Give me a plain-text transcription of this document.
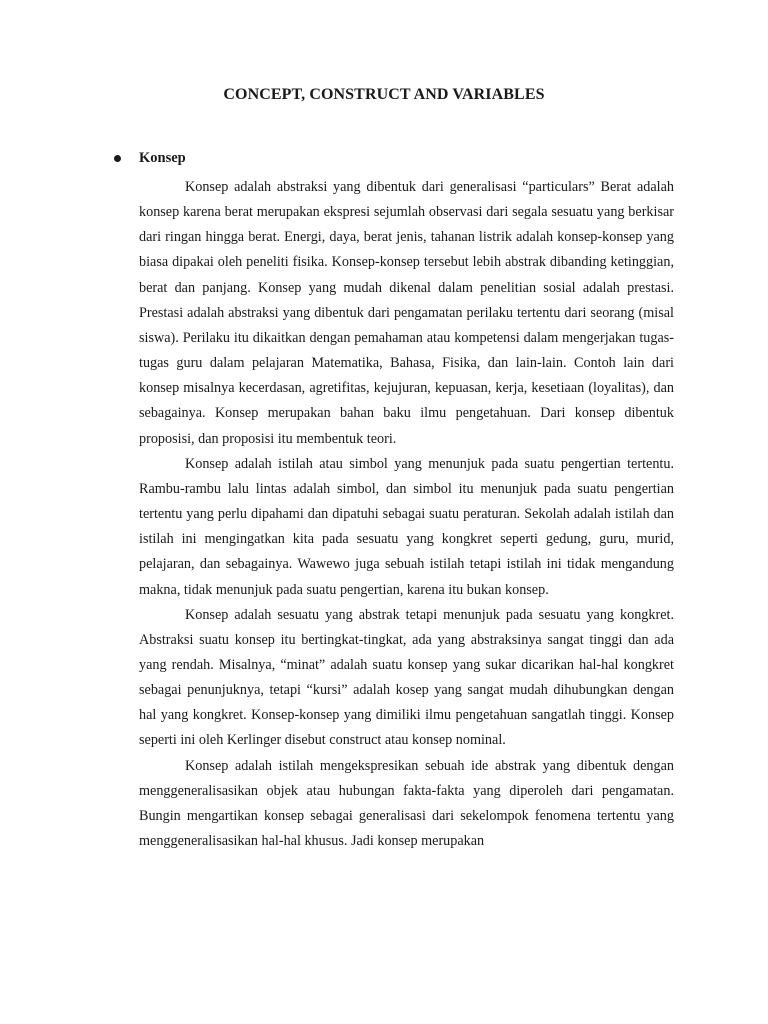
CONCEPT, CONSTRUCT AND VARIABLES
Konsep

Konsep adalah abstraksi yang dibentuk dari generalisasi “particulars” Berat adalah konsep karena berat merupakan ekspresi sejumlah observasi dari segala sesuatu yang berkisar dari ringan hingga berat. Energi, daya, berat jenis, tahanan listrik adalah konsep-konsep yang biasa dipakai oleh peneliti fisika. Konsep-konsep tersebut lebih abstrak dibanding ketinggian, berat dan panjang. Konsep yang mudah dikenal dalam penelitian sosial adalah prestasi. Prestasi adalah abstraksi yang dibentuk dari pengamatan perilaku tertentu dari seorang (misal siswa). Perilaku itu dikaitkan dengan pemahaman atau kompetensi dalam mengerjakan tugas-tugas guru dalam pelajaran Matematika, Bahasa, Fisika, dan lain-lain. Contoh lain dari konsep misalnya kecerdasan, agretifitas, kejujuran, kepuasan, kerja, kesetiaan (loyalitas), dan sebagainya. Konsep merupakan bahan baku ilmu pengetahuan. Dari konsep dibentuk proposisi, dan proposisi itu membentuk teori.

Konsep adalah istilah atau simbol yang menunjuk pada suatu pengertian tertentu. Rambu-rambu lalu lintas adalah simbol, dan simbol itu menunjuk pada suatu pengertian tertentu yang perlu dipahami dan dipatuhi sebagai suatu peraturan. Sekolah adalah istilah dan istilah ini mengingatkan kita pada sesuatu yang kongkret seperti gedung, guru, murid, pelajaran, dan sebagainya. Wawewo juga sebuah istilah tetapi istilah ini tidak mengandung makna, tidak menunjuk pada suatu pengertian, karena itu bukan konsep.

Konsep adalah sesuatu yang abstrak tetapi menunjuk pada sesuatu yang kongkret. Abstraksi suatu konsep itu bertingkat-tingkat, ada yang abstraksinya sangat tinggi dan ada yang rendah. Misalnya, “minat” adalah suatu konsep yang sukar dicarikan hal-hal kongkret sebagai penunjuknya, tetapi “kursi” adalah kosep yang sangat mudah dihubungkan dengan hal yang kongkret. Konsep-konsep yang dimiliki ilmu pengetahuan sangatlah tinggi. Konsep seperti ini oleh Kerlinger disebut construct atau konsep nominal.

Konsep adalah istilah mengekspresikan sebuah ide abstrak yang dibentuk dengan menggeneralisasikan objek atau hubungan fakta-fakta yang diperoleh dari pengamatan. Bungin mengartikan konsep sebagai generalisasi dari sekelompok fenomena tertentu yang menggeneralisasikan hal-hal khusus. Jadi konsep merupakan
